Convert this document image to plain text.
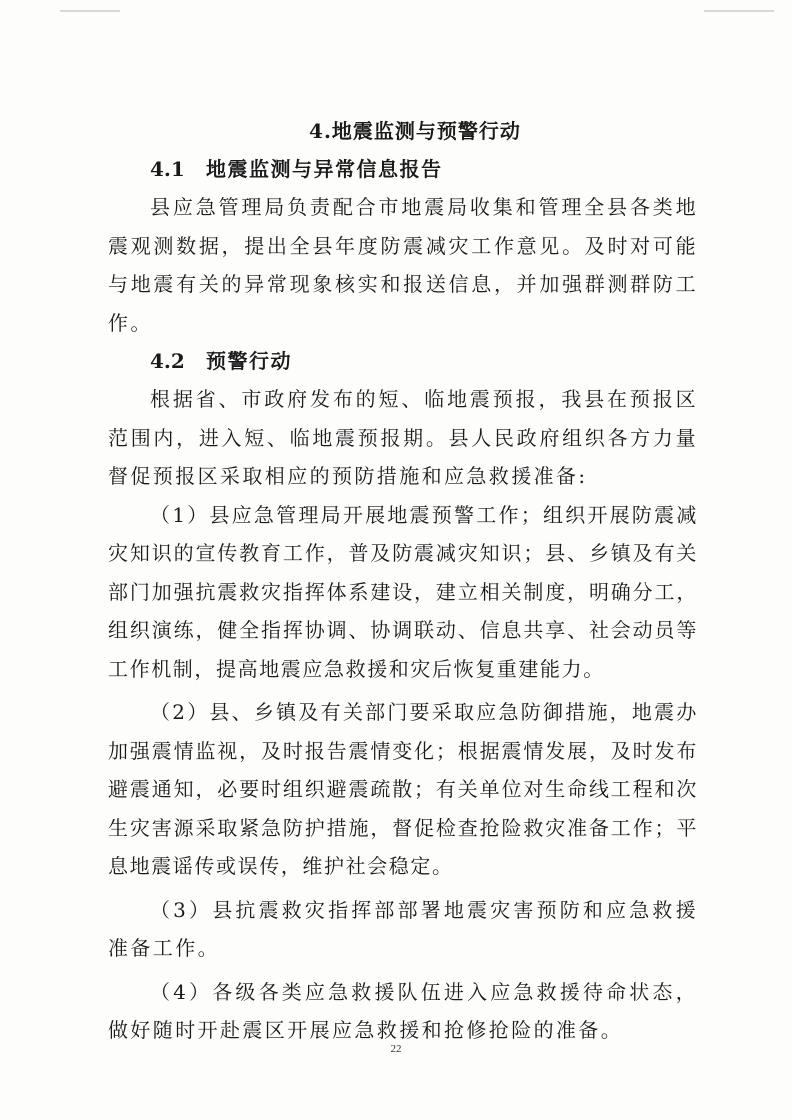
4.地震监测与预警行动

4.1 地震监测与异常信息报告

县应急管理局负责配合市地震局收集和管理全县各类地震观测数据，提出全县年度防震减灾工作意见。及时对可能与地震有关的异常现象核实和报送信息，并加强群测群防工作。

4.2 预警行动

根据省、市政府发布的短、临地震预报，我县在预报区范围内，进入短、临地震预报期。县人民政府组织各方力量督促预报区采取相应的预防措施和应急救援准备:

（1）县应急管理局开展地震预警工作；组织开展防震减灾知识的宣传教育工作，普及防震减灾知识；县、乡镇及有关部门加强抗震救灾指挥体系建设，建立相关制度，明确分工，组织演练，健全指挥协调、协调联动、信息共享、社会动员等工作机制，提高地震应急救援和灾后恢复重建能力。

（2）县、乡镇及有关部门要采取应急防御措施，地震办加强震情监视，及时报告震情变化；根据震情发展，及时发布避震通知，必要时组织避震疏散；有关单位对生命线工程和次生灾害源采取紧急防护措施，督促检查抢险救灾准备工作；平息地震谣传或误传，维护社会稳定。

（3）县抗震救灾指挥部部署地震灾害预防和应急救援准备工作。

（4）各级各类应急救援队伍进入应急救援待命状态，做好随时开赴震区开展应急救援和抢修抢险的准备。

22
